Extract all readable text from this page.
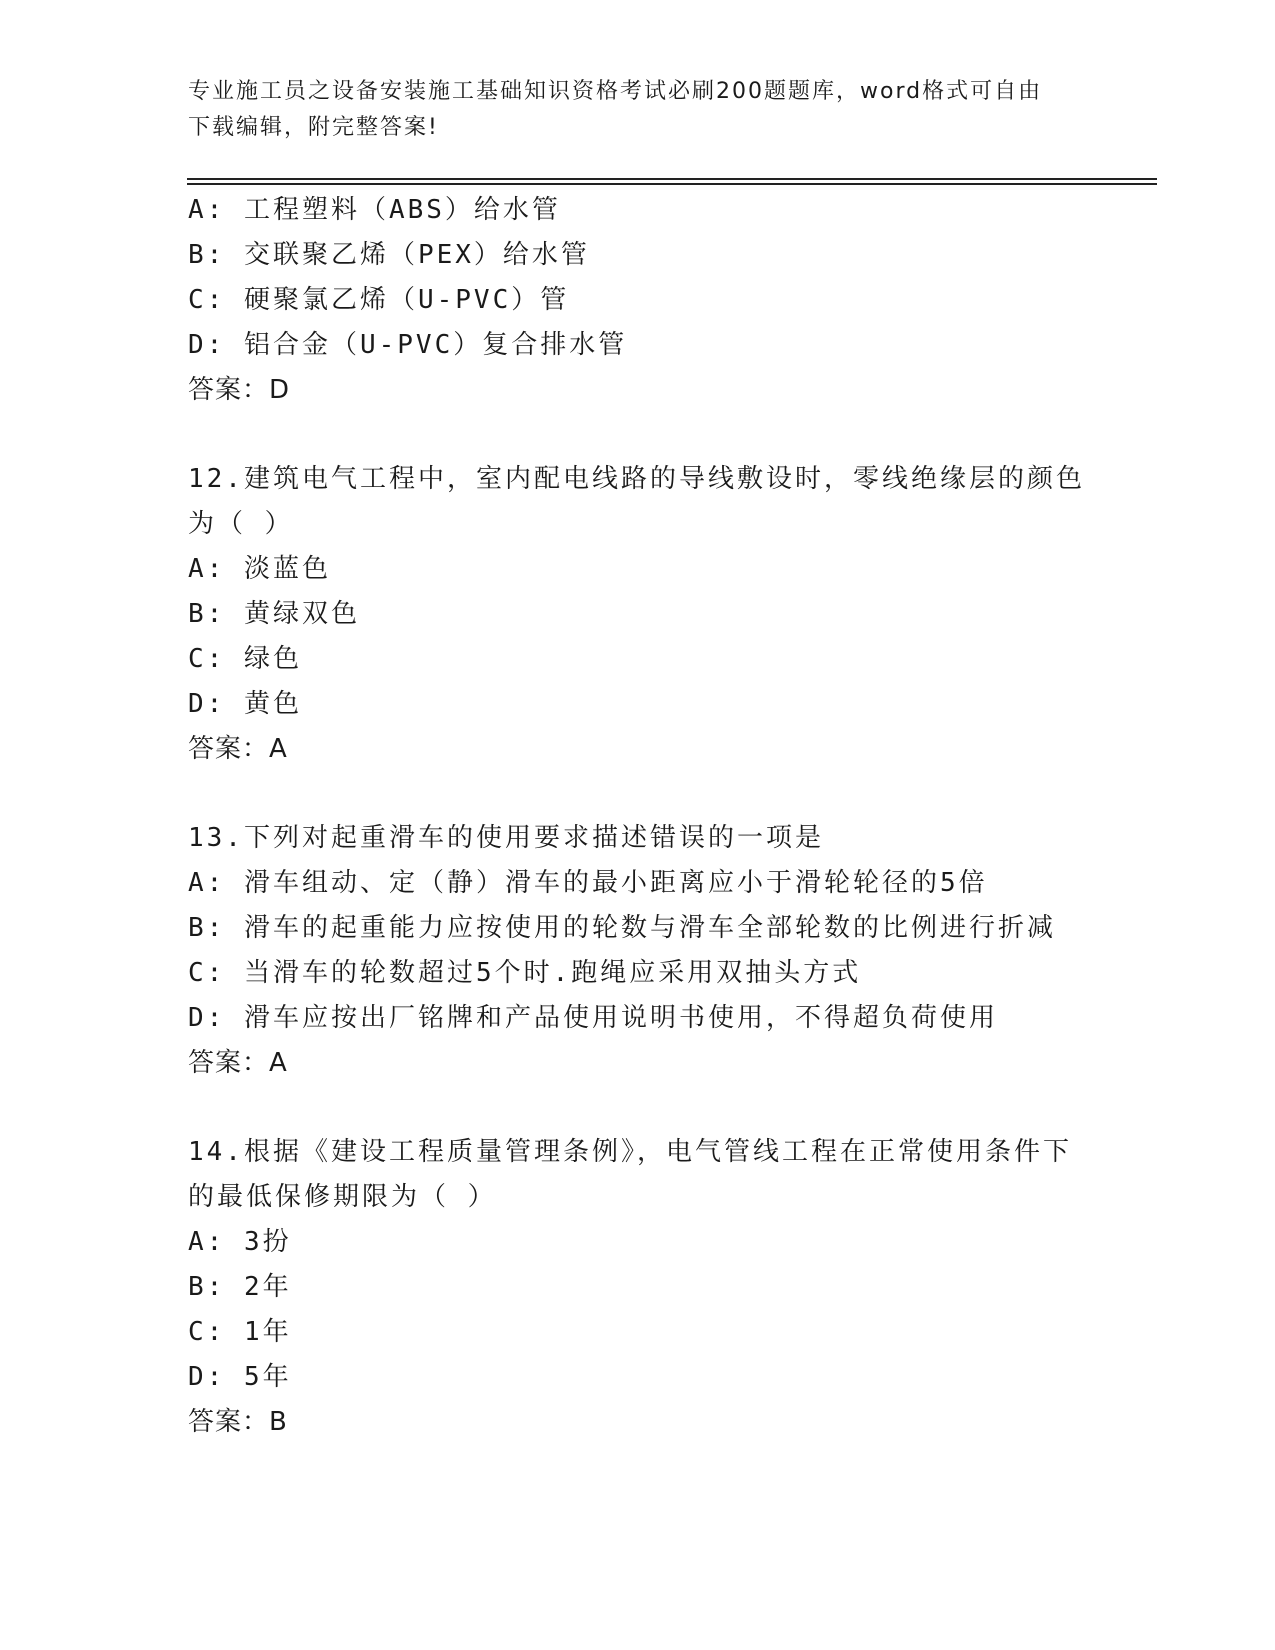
专业施工员之设备安装施工基础知识资格考试必刷200题题库，word格式可自由
下载编辑，附完整答案!
A: 工程塑料（ABS）给水管
B: 交联聚乙烯（PEX）给水管
C: 硬聚氯乙烯（U-PVC）管
D: 铝合金（U-PVC）复合排水管
答案：D
12.建筑电气工程中，室内配电线路的导线敷设时，零线绝缘层的颜色
为（ ）
A: 淡蓝色
B: 黄绿双色
C: 绿色
D: 黄色
答案：A
13.下列对起重滑车的使用要求描述错误的一项是
A: 滑车组动、定（静）滑车的最小距离应小于滑轮轮径的5倍
B: 滑车的起重能力应按使用的轮数与滑车全部轮数的比例进行折减
C: 当滑车的轮数超过5个时.跑绳应采用双抽头方式
D: 滑车应按出厂铭牌和产品使用说明书使用，不得超负荷使用
答案：A
14.根据《建设工程质量管理条例》，电气管线工程在正常使用条件下
的最低保修期限为（ ）
A: 3扮
B: 2年
C: 1年
D: 5年
答案：B
